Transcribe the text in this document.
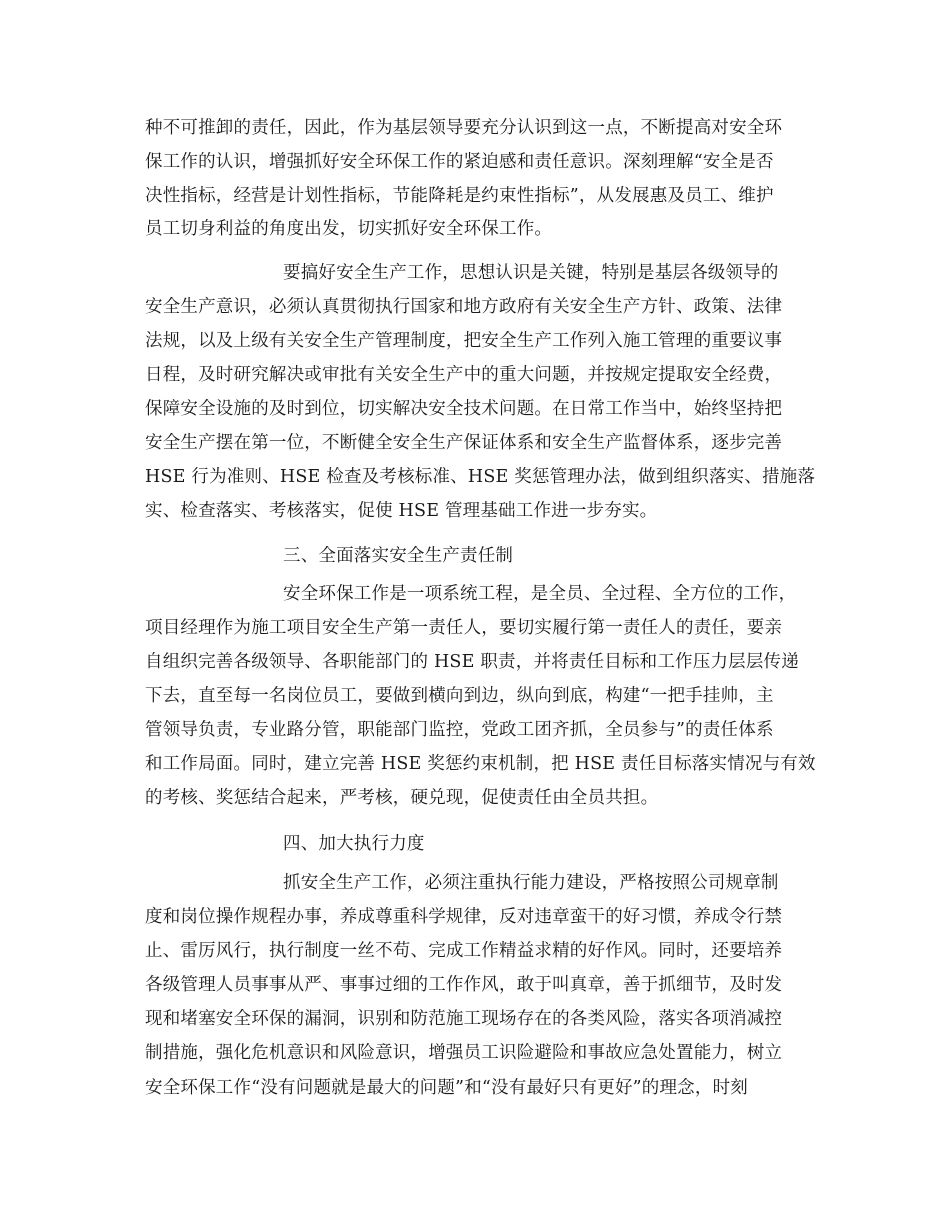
种不可推卸的责任，因此，作为基层领导要充分认识到这一点，不断提高对安全环
保工作的认识，增强抓好安全环保工作的紧迫感和责任意识。深刻理解“安全是否
决性指标，经营是计划性指标，节能降耗是约束性指标”，从发展惠及员工、维护
员工切身利益的角度出发，切实抓好安全环保工作。
要搞好安全生产工作，思想认识是关键，特别是基层各级领导的
安全生产意识，必须认真贯彻执行国家和地方政府有关安全生产方针、政策、法律
法规，以及上级有关安全生产管理制度，把安全生产工作列入施工管理的重要议事
日程，及时研究解决或审批有关安全生产中的重大问题，并按规定提取安全经费，
保障安全设施的及时到位，切实解决安全技术问题。在日常工作当中，始终坚持把
安全生产摆在第一位，不断健全安全生产保证体系和安全生产监督体系，逐步完善
HSE 行为准则、HSE 检查及考核标准、HSE 奖惩管理办法，做到组织落实、措施落
实、检查落实、考核落实，促使 HSE 管理基础工作进一步夯实。
三、全面落实安全生产责任制
安全环保工作是一项系统工程，是全员、全过程、全方位的工作，
项目经理作为施工项目安全生产第一责任人，要切实履行第一责任人的责任，要亲
自组织完善各级领导、各职能部门的 HSE 职责，并将责任目标和工作压力层层传递
下去，直至每一名岗位员工，要做到横向到边，纵向到底，构建“一把手挂帅，主
管领导负责，专业路分管，职能部门监控，党政工团齐抓，全员参与”的责任体系
和工作局面。同时，建立完善 HSE 奖惩约束机制，把 HSE 责任目标落实情况与有效
的考核、奖惩结合起来，严考核，硬兑现，促使责任由全员共担。
四、加大执行力度
抓安全生产工作，必须注重执行能力建设，严格按照公司规章制
度和岗位操作规程办事，养成尊重科学规律，反对违章蛮干的好习惯，养成令行禁
止、雷厉风行，执行制度一丝不苟、完成工作精益求精的好作风。同时，还要培养
各级管理人员事事从严、事事过细的工作作风，敢于叫真章，善于抓细节，及时发
现和堵塞安全环保的漏洞，识别和防范施工现场存在的各类风险，落实各项消减控
制措施，强化危机意识和风险意识，增强员工识险避险和事故应急处置能力，树立
安全环保工作“没有问题就是最大的问题”和“没有最好只有更好”的理念，时刻
